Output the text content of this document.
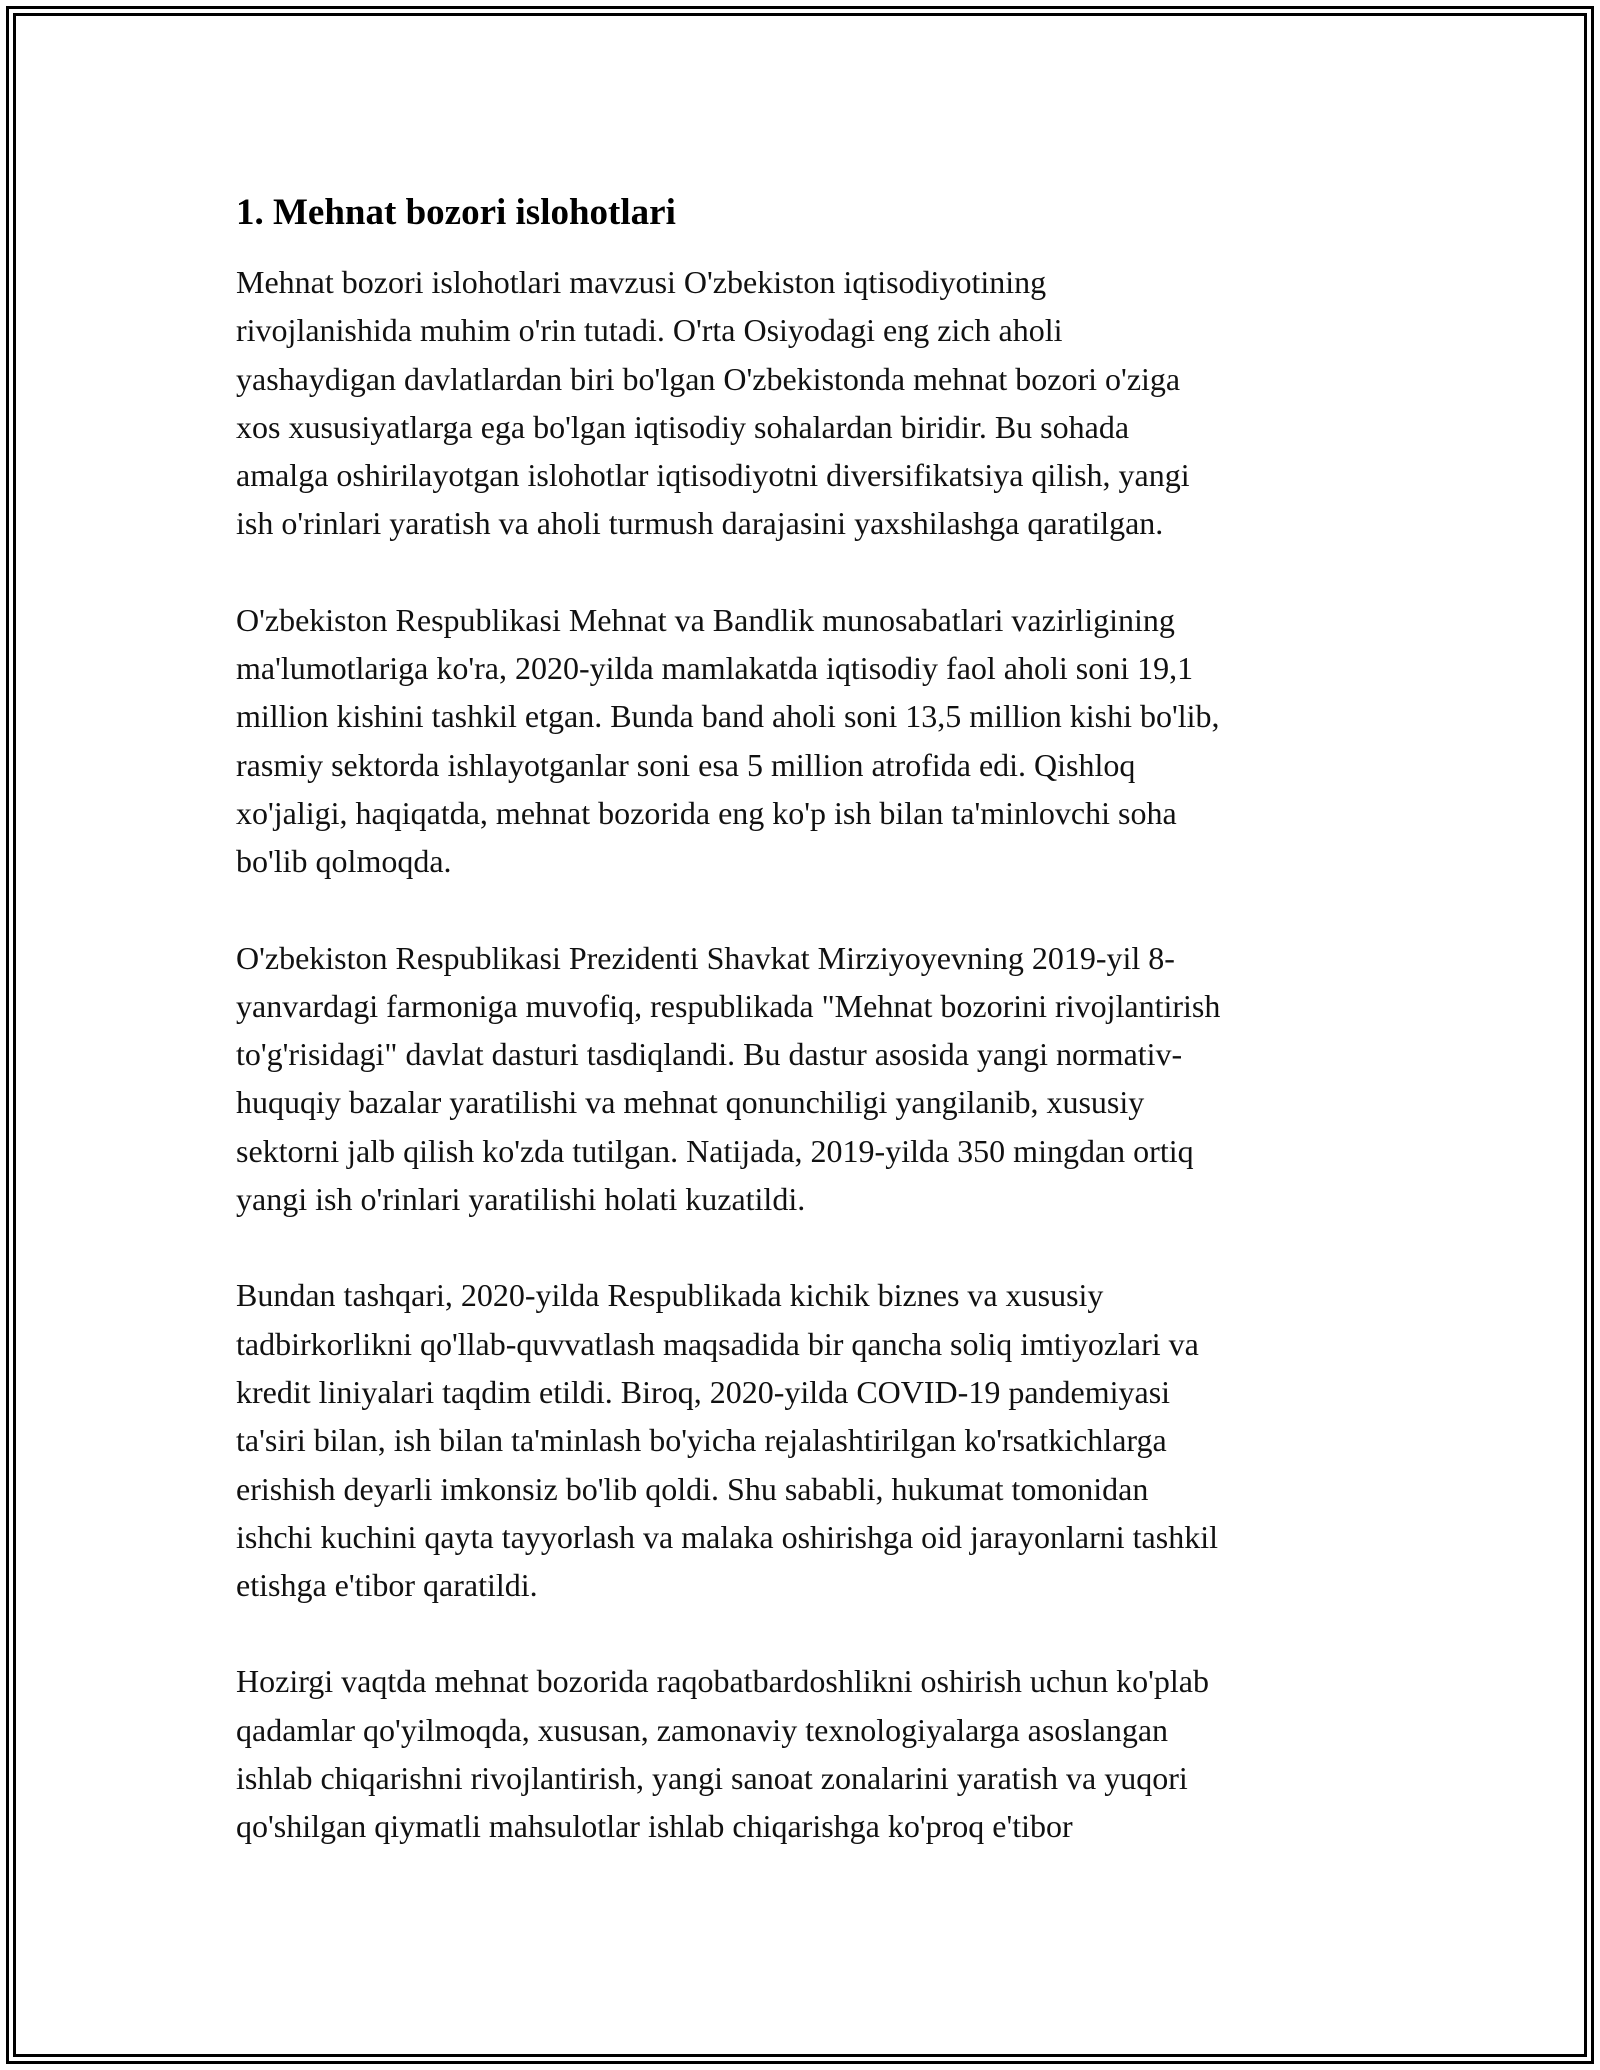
1. Mehnat bozori islohotlari

Mehnat bozori islohotlari mavzusi O'zbekiston iqtisodiyotining
rivojlanishida muhim o'rin tutadi. O'rta Osiyodagi eng zich aholi
yashaydigan davlatlardan biri bo'lgan O'zbekistonda mehnat bozori o'ziga
xos xususiyatlarga ega bo'lgan iqtisodiy sohalardan biridir. Bu sohada
amalga oshirilayotgan islohotlar iqtisodiyotni diversifikatsiya qilish, yangi
ish o'rinlari yaratish va aholi turmush darajasini yaxshilashga qaratilgan.

O'zbekiston Respublikasi Mehnat va Bandlik munosabatlari vazirligining
ma'lumotlariga ko'ra, 2020-yilda mamlakatda iqtisodiy faol aholi soni 19,1
million kishini tashkil etgan. Bunda band aholi soni 13,5 million kishi bo'lib,
rasmiy sektorda ishlayotganlar soni esa 5 million atrofida edi. Qishloq
xo'jaligi, haqiqatda, mehnat bozorida eng ko'p ish bilan ta'minlovchi soha
bo'lib qolmoqda.

O'zbekiston Respublikasi Prezidenti Shavkat Mirziyoyevning 2019-yil 8-
yanvardagi farmoniga muvofiq, respublikada "Mehnat bozorini rivojlantirish
to'g'risidagi" davlat dasturi tasdiqlandi. Bu dastur asosida yangi normativ-
huquqiy bazalar yaratilishi va mehnat qonunchiligi yangilanib, xususiy
sektorni jalb qilish ko'zda tutilgan. Natijada, 2019-yilda 350 mingdan ortiq
yangi ish o'rinlari yaratilishi holati kuzatildi.

Bundan tashqari, 2020-yilda Respublikada kichik biznes va xususiy
tadbirkorlikni qo'llab-quvvatlash maqsadida bir qancha soliq imtiyozlari va
kredit liniyalari taqdim etildi. Biroq, 2020-yilda COVID-19 pandemiyasi
ta'siri bilan, ish bilan ta'minlash bo'yicha rejalashtirilgan ko'rsatkichlarga
erishish deyarli imkonsiz bo'lib qoldi. Shu sababli, hukumat tomonidan
ishchi kuchini qayta tayyorlash va malaka oshirishga oid jarayonlarni tashkil
etishga e'tibor qaratildi.

Hozirgi vaqtda mehnat bozorida raqobatbardoshlikni oshirish uchun ko'plab
qadamlar qo'yilmoqda, xususan, zamonaviy texnologiyalarga asoslangan
ishlab chiqarishni rivojlantirish, yangi sanoat zonalarini yaratish va yuqori
qo'shilgan qiymatli mahsulotlar ishlab chiqarishga ko'proq e'tibor
